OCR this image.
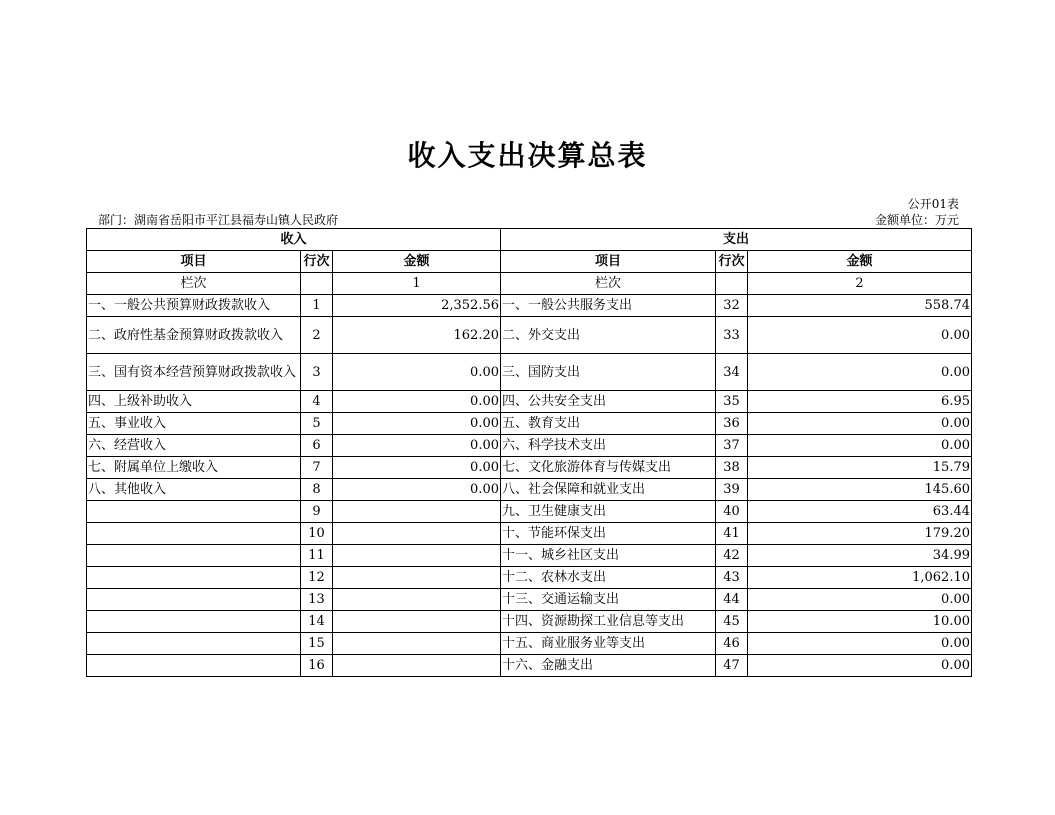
收入支出决算总表
公开01表
部门：湖南省岳阳市平江县福寿山镇人民政府	金额单位：万元
收入			支出		
项目	行次	金额	项目	行次	金额
栏次		1	栏次		2
一、一般公共预算财政拨款收入	1	2,352.56	一、一般公共服务支出	32	558.74
二、政府性基金预算财政拨款收入	2	162.20	二、外交支出	33	0.00
三、国有资本经营预算财政拨款收入	3	0.00	三、国防支出	34	0.00
四、上级补助收入	4	0.00	四、公共安全支出	35	6.95
五、事业收入	5	0.00	五、教育支出	36	0.00
六、经营收入	6	0.00	六、科学技术支出	37	0.00
七、附属单位上缴收入	7	0.00	七、文化旅游体育与传媒支出	38	15.79
八、其他收入	8	0.00	八、社会保障和就业支出	39	145.60
	9		九、卫生健康支出	40	63.44
	10		十、节能环保支出	41	179.20
	11		十一、城乡社区支出	42	34.99
	12		十二、农林水支出	43	1,062.10
	13		十三、交通运输支出	44	0.00
	14		十四、资源勘探工业信息等支出	45	10.00
	15		十五、商业服务业等支出	46	0.00
	16		十六、金融支出	47	0.00
